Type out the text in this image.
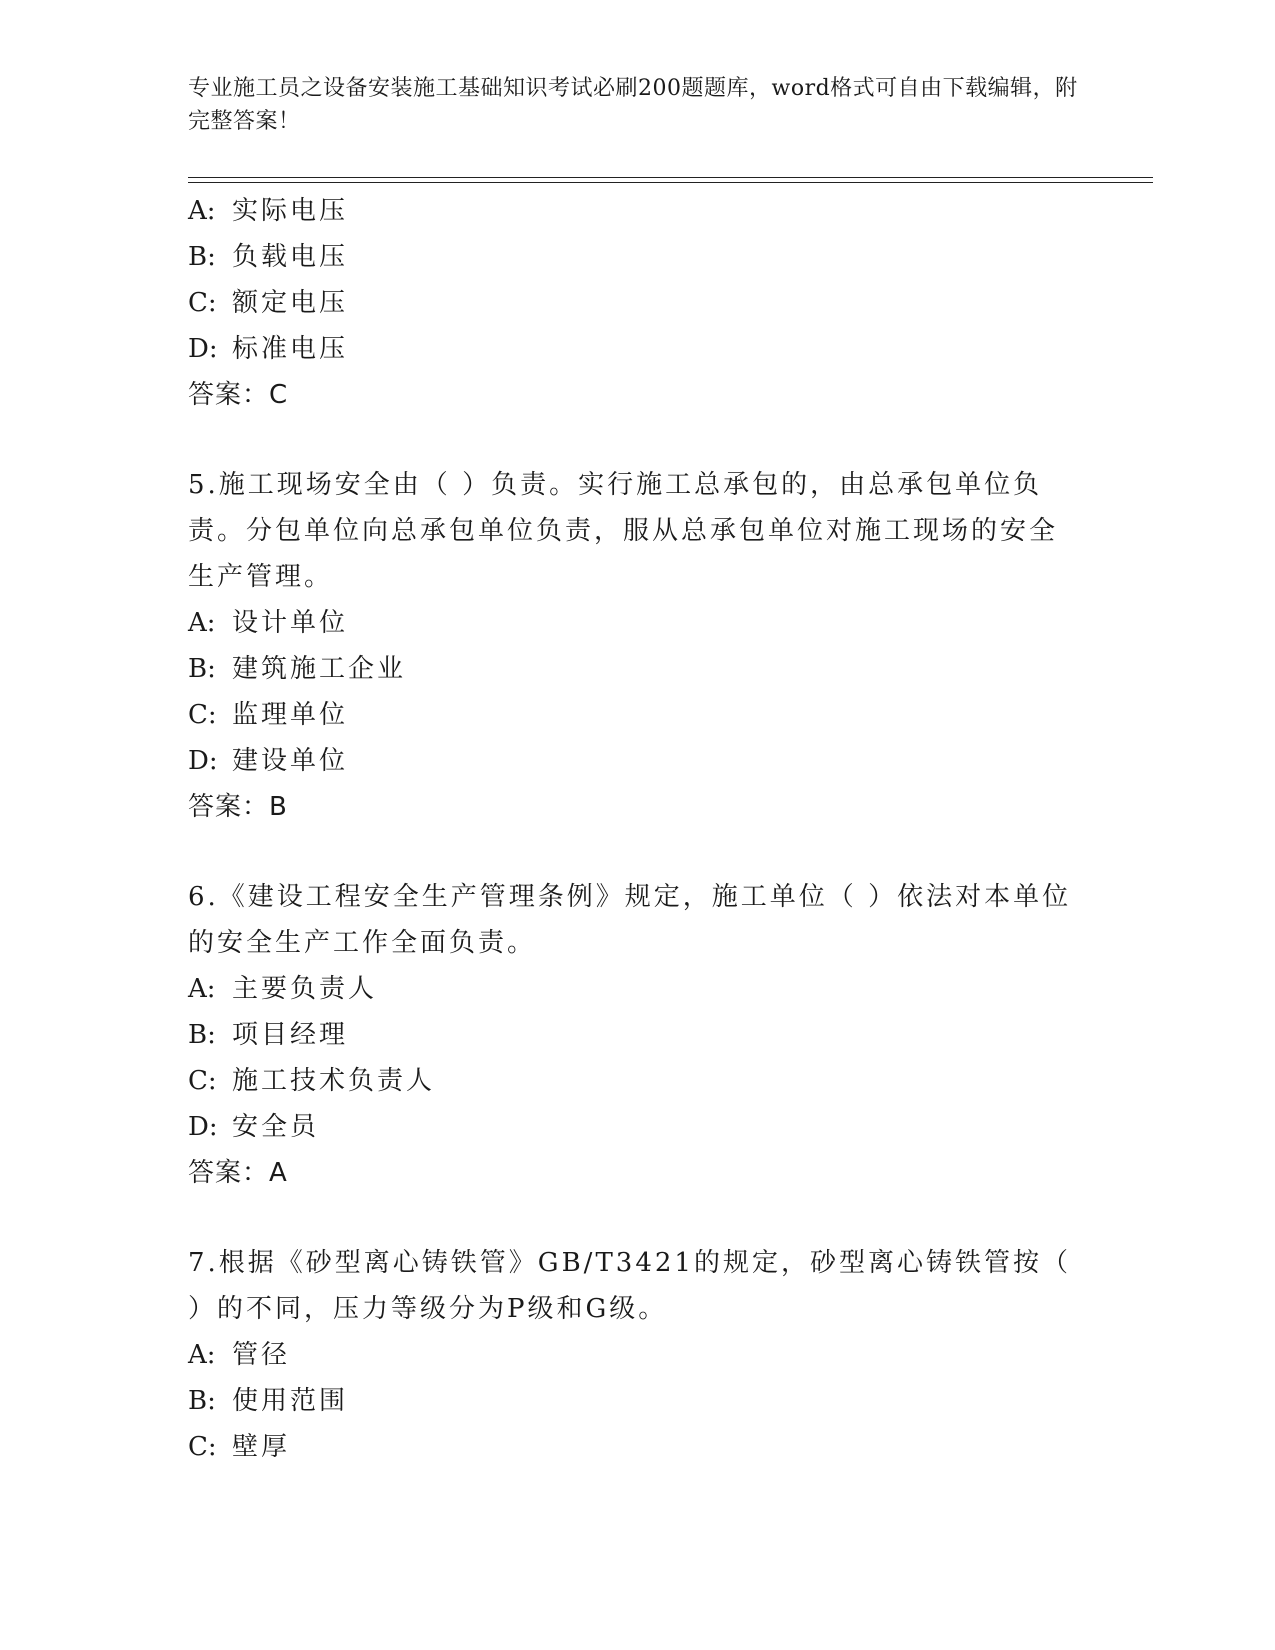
专业施工员之设备安装施工基础知识考试必刷200题题库，word格式可自由下载编辑，附完整答案！
A: 实际电压
B: 负载电压
C: 额定电压
D: 标准电压
答案：C
5.施工现场安全由（ ）负责。实行施工总承包的，由总承包单位负责。分包单位向总承包单位负责，服从总承包单位对施工现场的安全生产管理。
A: 设计单位
B: 建筑施工企业
C: 监理单位
D: 建设单位
答案：B
6.《建设工程安全生产管理条例》规定，施工单位（ ）依法对本单位的安全生产工作全面负责。
A: 主要负责人
B: 项目经理
C: 施工技术负责人
D: 安全员
答案：A
7.根据《砂型离心铸铁管》GB/T3421的规定，砂型离心铸铁管按（ ）的不同，压力等级分为P级和G级。
A: 管径
B: 使用范围
C: 壁厚
